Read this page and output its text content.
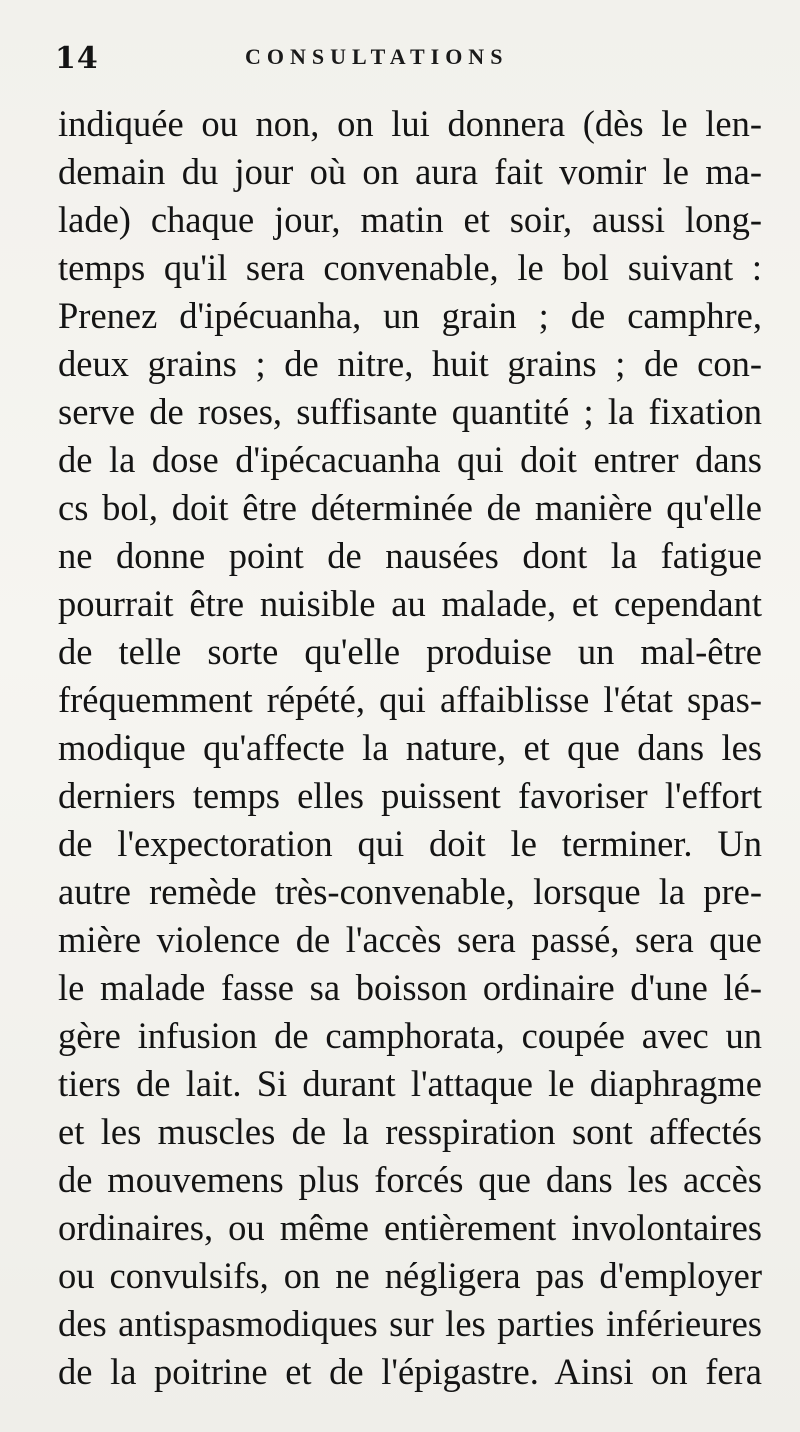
14	CONSULTATIONS
indiquée ou non, on lui donnera (dès le len-
demain du jour où on aura fait vomir le ma-
lade) chaque jour, matin et soir, aussi long-
temps qu'il sera convenable, le bol suivant :
Prenez d'ipécuanha, un grain ; de camphre,
deux grains ; de nitre, huit grains ; de con-
serve de roses, suffisante quantité ; la fixation
de la dose d'ipécacuanha qui doit entrer dans
cs bol, doit être déterminée de manière qu'elle
ne donne point de nausées dont la fatigue
pourrait être nuisible au malade, et cependant
de telle sorte qu'elle produise un mal-être
fréquemment répété, qui affaiblisse l'état spas-
modique qu'affecte la nature, et que dans les
derniers temps elles puissent favoriser l'effort
de l'expectoration qui doit le terminer. Un
autre remède très-convenable, lorsque la pre-
mière violence de l'accès sera passé, sera que
le malade fasse sa boisson ordinaire d'une lé-
gère infusion de camphorata, coupée avec un
tiers de lait. Si durant l'attaque le diaphragme
et les muscles de la resspiration sont affectés
de mouvemens plus forcés que dans les accès
ordinaires, ou même entièrement involontaires
ou convulsifs, on ne négligera pas d'employer
des antispasmodiques sur les parties inférieures
de la poitrine et de l'épigastre. Ainsi on fera
